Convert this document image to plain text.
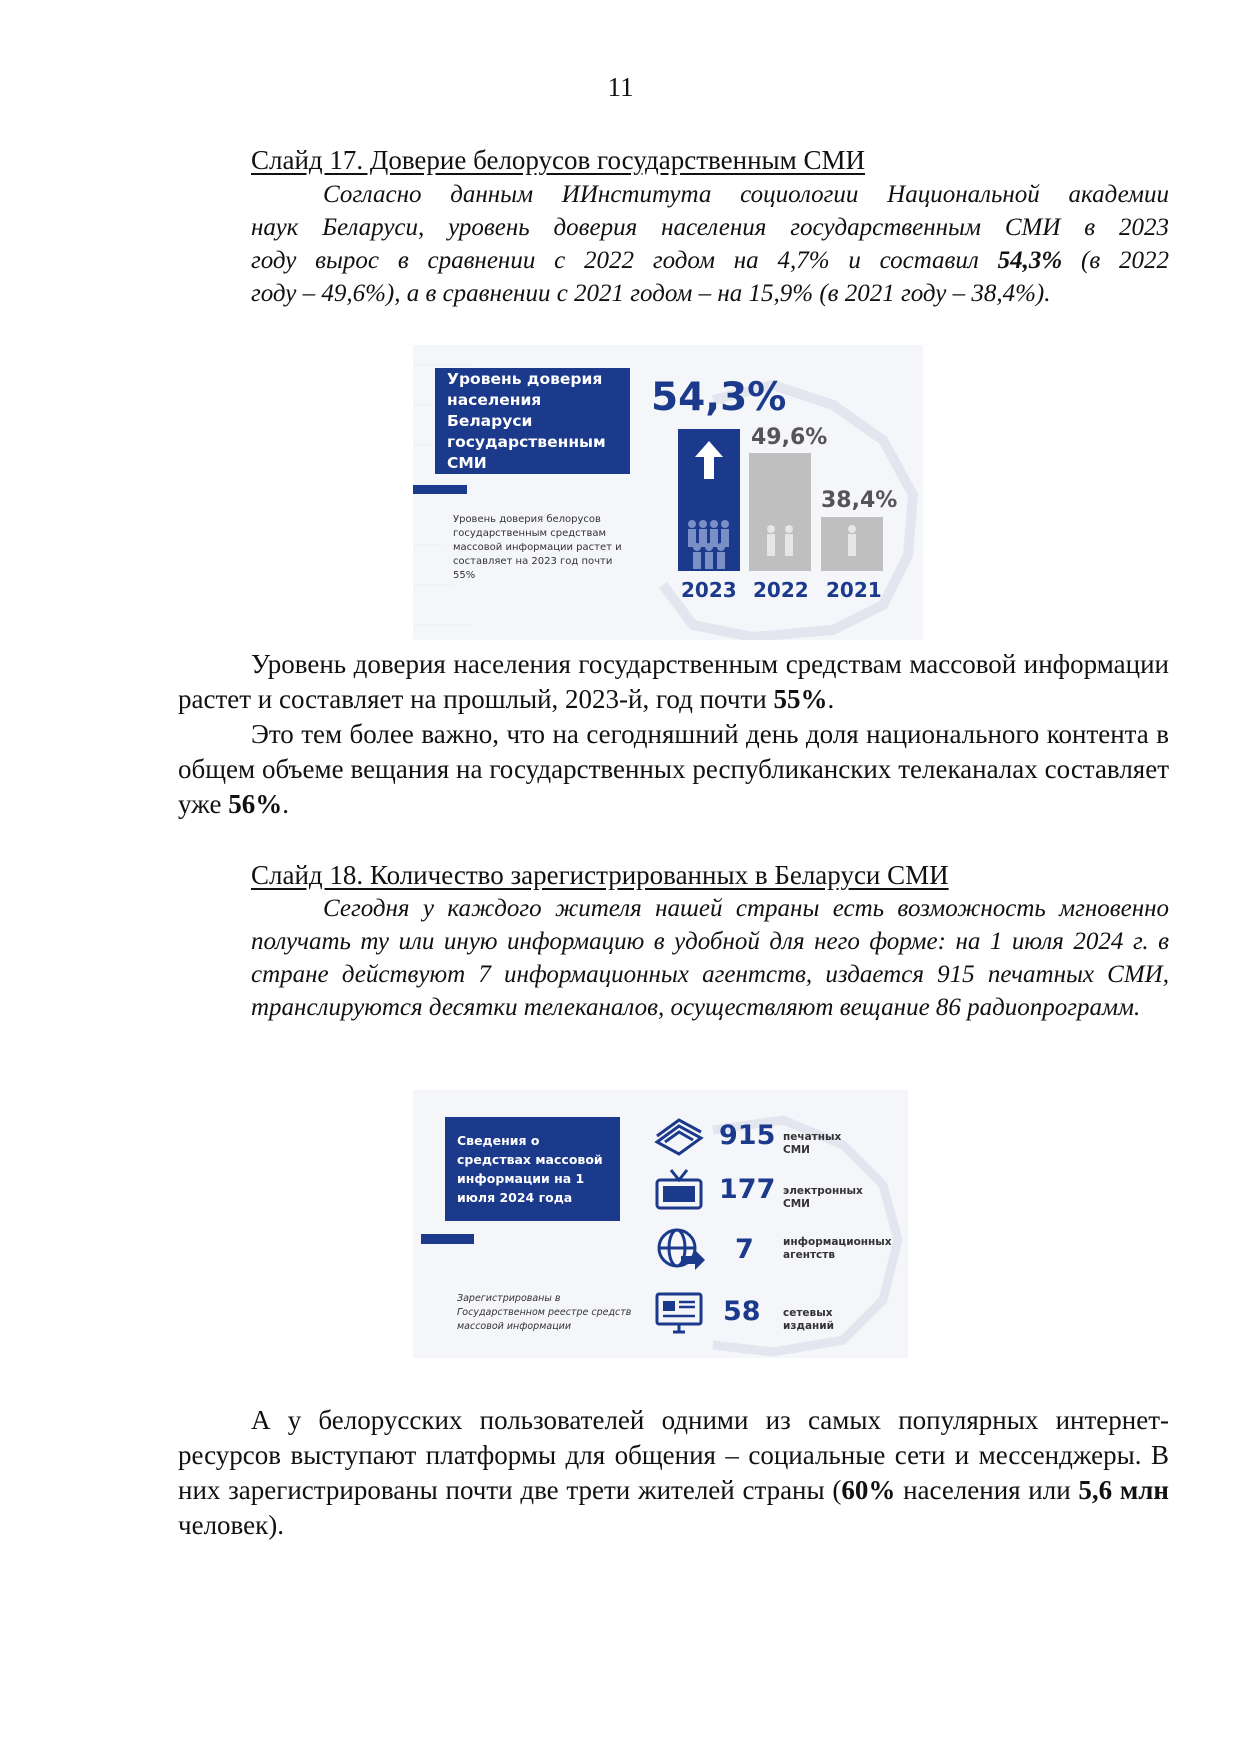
11
Слайд 17. Доверие белорусов государственным СМИ

Согласно данным ИИнститута социологии Национальной академии

наук Беларуси, уровень доверия населения государственным СМИ в 2023
году вырос в сравнении с 2022 годом на 4,7% и составил 54,3% (в 2022
году – 49,6%), а в сравнении с 2021 годом – на 15,9% (в 2021 году – 38,4%).
Уровень доверия населения Беларуси государственным СМИ
Уровень доверия белорусов государственным средствам массовой информации растет и составляет на 2023 год почти 55%
54,3%
49,6%
38,4%
2023 2022 2021

Уровень доверия населения государственным средствам массовой информации растет и составляет на прошлый, 2023-й, год почти 55%.

Это тем более важно, что на сегодняшний день доля национального контента в общем объеме вещания на государственных республиканских телеканалах составляет уже 56%.

Слайд 18. Количество зарегистрированных в Беларуси СМИ

Сегодня у каждого жителя нашей страны есть возможность мгновенно получать ту или иную информацию в удобной для него форме: на 1 июля 2024 г. в стране действуют 7 информационных агентств, издается 915 печатных СМИ, транслируются десятки телеканалов, осуществляют вещание 86 радиопрограмм.

Сведения о средствах массовой информации на 1 июля 2024 года
Зарегистрированы в Государственном реестре средств массовой информации
915 печатных СМИ
177 электронных СМИ
7	информационных агентств
58 сетевых изданий

А у белорусских пользователей одними из самых популярных интернет-ресурсов выступают платформы для общения – социальные сети и мессенджеры. В них зарегистрированы почти две трети жителей страны (60% населения или 5,6 млн человек).
